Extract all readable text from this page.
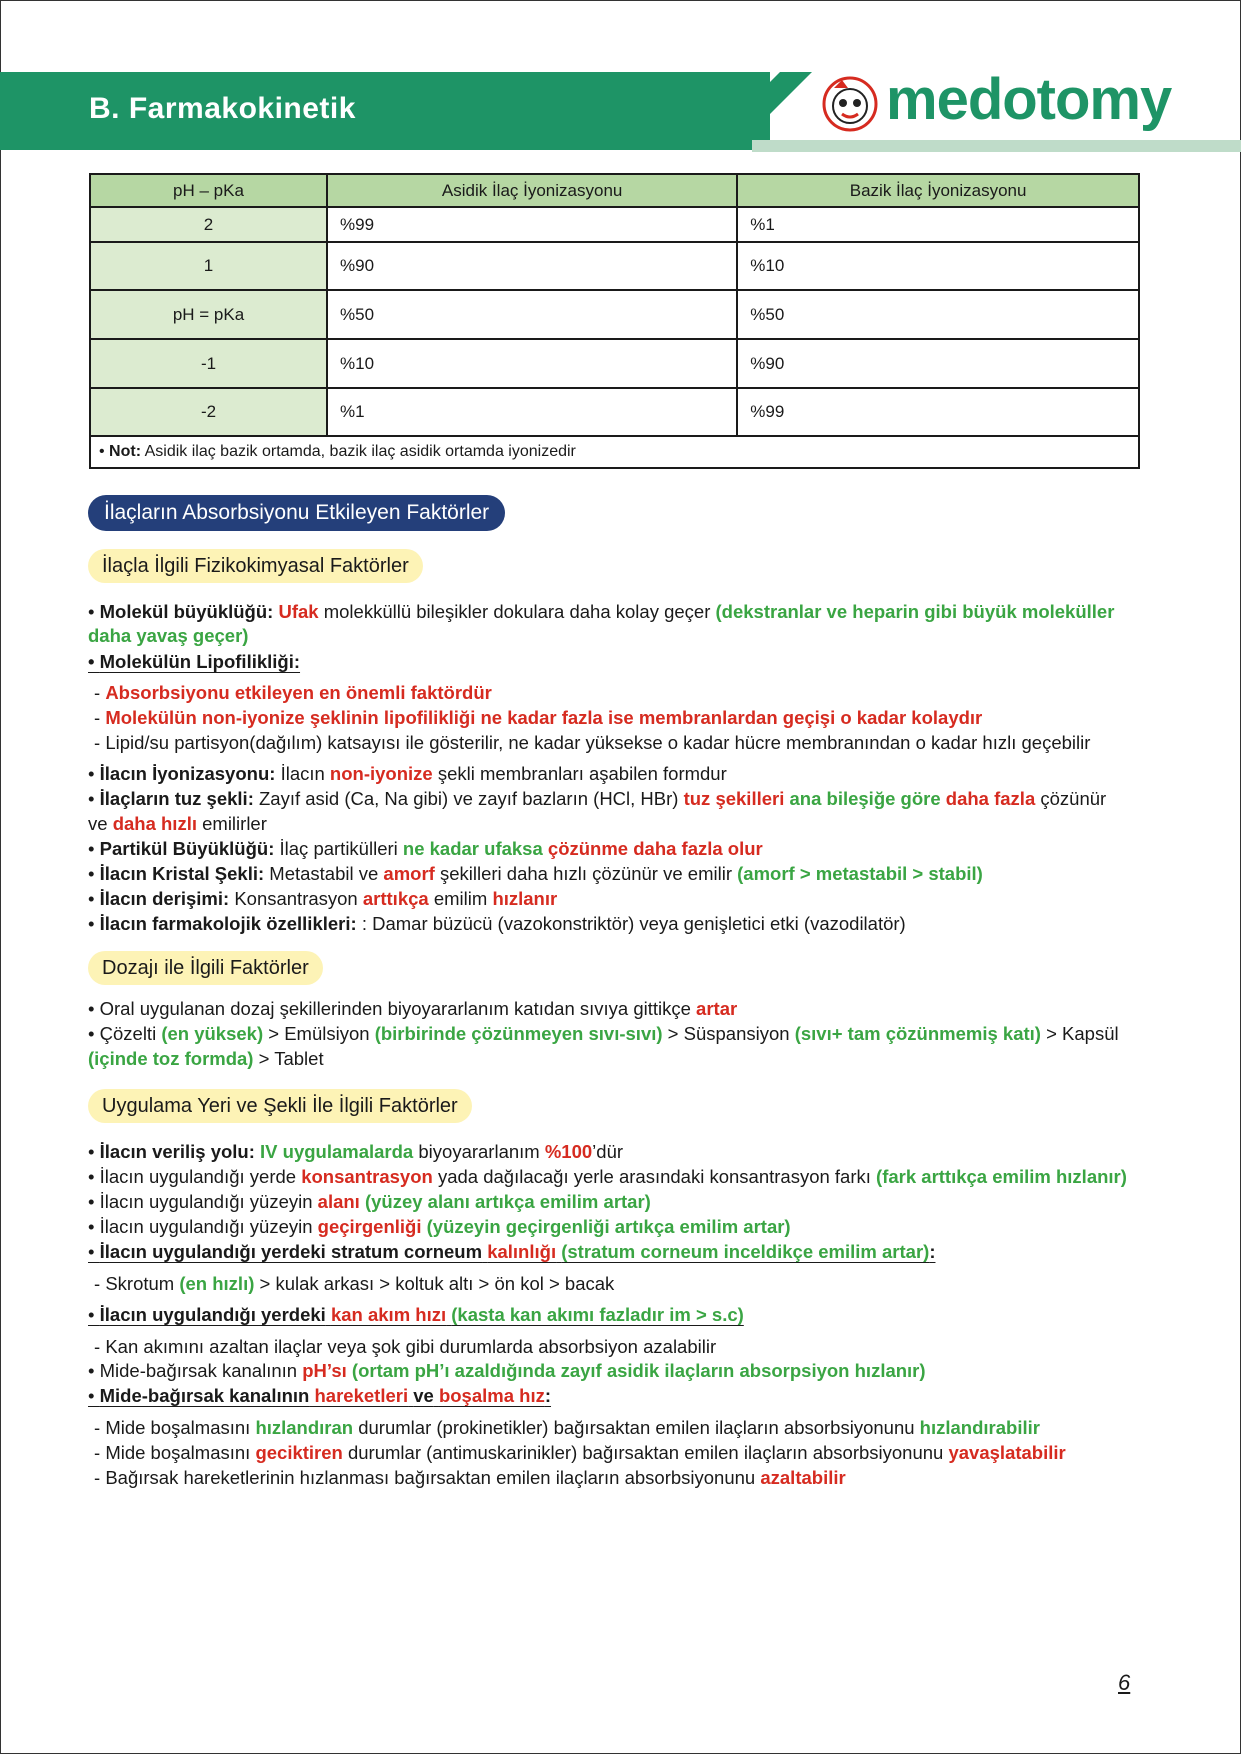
B. Farmakokinetik	medotomy
pH – pKa	Asidik İlaç İyonizasyonu	Bazik İlaç İyonizasyonu
2	%99	%1
1	%90	%10
pH = pKa	%50	%50
-1	%10	%90
-2	%1	%99
• Not: Asidik ilaç bazik ortamda, bazik ilaç asidik ortamda iyonizedir		
İlaçların Absorbsiyonu Etkileyen Faktörler
İlaçla İlgili Fizikokimyasal Faktörler
• Molekül büyüklüğü: Ufak molekküllü bileşikler dokulara daha kolay geçer (dekstranlar ve heparin gibi büyük moleküller
daha yavaş geçer)
• Molekülün Lipofilikliği:
- Absorbsiyonu etkileyen en önemli faktördür
- Molekülün non-iyonize şeklinin lipofilikliği ne kadar fazla ise membranlardan geçişi o kadar kolaydır
- Lipid/su partisyon(dağılım) katsayısı ile gösterilir, ne kadar yüksekse o kadar hücre membranından o kadar hızlı geçebilir
• İlacın İyonizasyonu: İlacın non-iyonize şekli membranları aşabilen formdur
• İlaçların tuz şekli: Zayıf asid (Ca, Na gibi) ve zayıf bazların (HCl, HBr) tuz şekilleri ana bileşiğe göre daha fazla çözünür
ve daha hızlı emilirler
• Partikül Büyüklüğü: İlaç partikülleri ne kadar ufaksa çözünme daha fazla olur
• İlacın Kristal Şekli: Metastabil ve amorf şekilleri daha hızlı çözünür ve emilir (amorf > metastabil > stabil)
• İlacın derişimi: Konsantrasyon arttıkça emilim hızlanır
• İlacın farmakolojik özellikleri: : Damar büzücü (vazokonstriktör) veya genişletici etki (vazodilatör)
Dozajı ile İlgili Faktörler
• Oral uygulanan dozaj şekillerinden biyoyararlanım katıdan sıvıya gittikçe artar
• Çözelti (en yüksek) > Emülsiyon (birbirinde çözünmeyen sıvı-sıvı) > Süspansiyon (sıvı+ tam çözünmemiş katı) > Kapsül
(içinde toz formda) > Tablet
Uygulama Yeri ve Şekli İle İlgili Faktörler
• İlacın veriliş yolu: IV uygulamalarda biyoyararlanım %100’dür
• İlacın uygulandığı yerde konsantrasyon yada dağılacağı yerle arasındaki konsantrasyon farkı (fark arttıkça emilim hızlanır)
• İlacın uygulandığı yüzeyin alanı (yüzey alanı artıkça emilim artar)
• İlacın uygulandığı yüzeyin geçirgenliği (yüzeyin geçirgenliği artıkça emilim artar)
• İlacın uygulandığı yerdeki stratum corneum kalınlığı (stratum corneum inceldikçe emilim artar):
- Skrotum (en hızlı) > kulak arkası > koltuk altı > ön kol > bacak
• İlacın uygulandığı yerdeki kan akım hızı (kasta kan akımı fazladır im > s.c)
- Kan akımını azaltan ilaçlar veya şok gibi durumlarda absorbsiyon azalabilir
• Mide-bağırsak kanalının pH’sı (ortam pH’ı azaldığında zayıf asidik ilaçların absorpsiyon hızlanır)
• Mide-bağırsak kanalının hareketleri ve boşalma hız:
- Mide boşalmasını hızlandıran durumlar (prokinetikler) bağırsaktan emilen ilaçların absorbsiyonunu hızlandırabilir
- Mide boşalmasını geciktiren durumlar (antimuskarinikler) bağırsaktan emilen ilaçların absorbsiyonunu yavaşlatabilir
- Bağırsak hareketlerinin hızlanması bağırsaktan emilen ilaçların absorbsiyonunu azaltabilir
6
